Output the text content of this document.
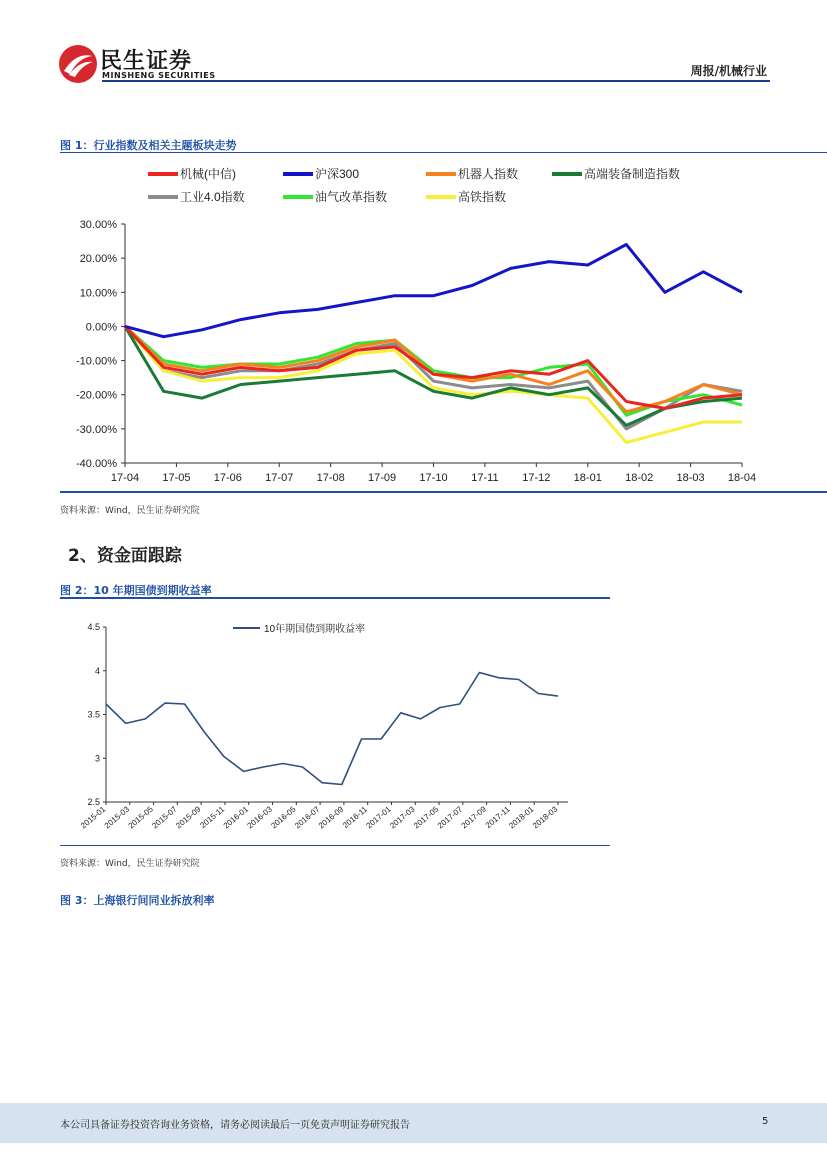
民生证券
MINSHENG SECURITIES	周报/机械行业
图 1：行业指数及相关主题板块走势
机械(中信)	沪深300	机器人指数	高端装备制造指数
工业4.0指数	油气改革指数	高铁指数
30.00%
20.00%
10.00%
0.00%
-10.00%
-20.00%
-30.00%
-40.00%
17-04 17-05 17-06 17-07 17-08 17-09 17-10 17-11 17-12 18-01 18-02 18-03 18-04
资料来源：Wind，民生证券研究院
2、资金面跟踪
图 2：10 年期国债到期收益率
4.5
4
3.5
3
2.5
2015-01
2015-03
2015-05
2015-07
2015-09
2015-11
2016-01
2016-03
2016-05
2016-07
2016-09
2016-11
2017-01
2017-03
2017-05
2017-07
2017-09
2017-11
2018-01
2018-03
10年期国债到期收益率
资料来源：Wind，民生证券研究院
图 3：上海银行间同业拆放利率
本公司具备证券投资咨询业务资格，请务必阅读最后一页免责声明证券研究报告	5
